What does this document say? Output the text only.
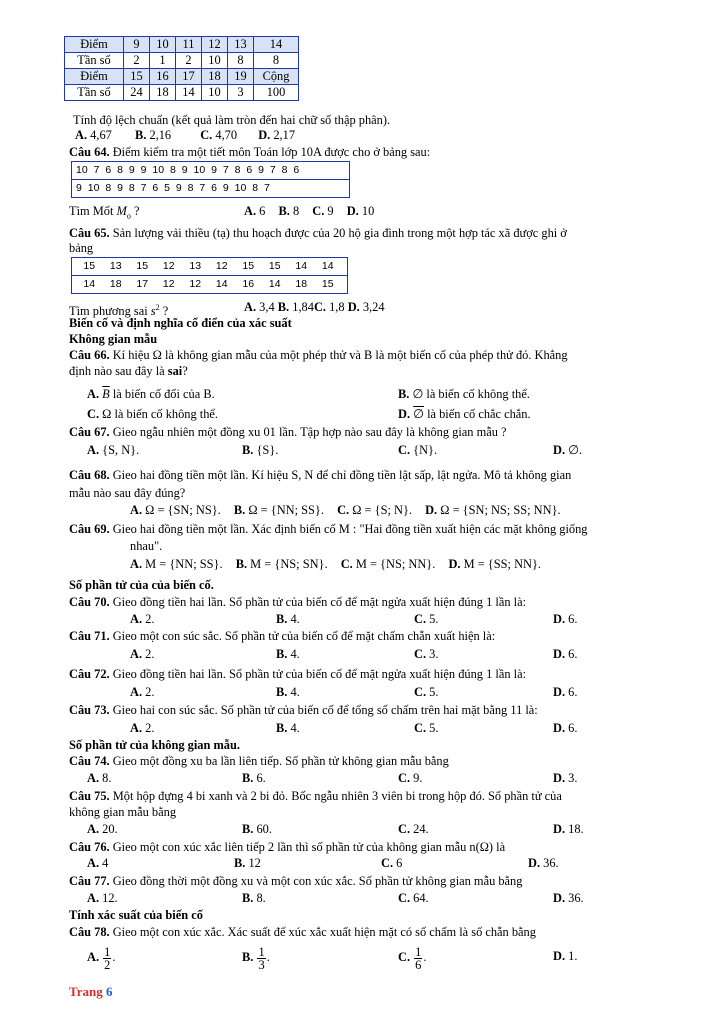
Điểm	9	10	11	12	13	14
Tần số	2	1	2	10	8	8
Điểm	15	16	17	18	19	Cộng
Tần số	24	18	14	10	3	100
Tính độ lệch chuẩn (kết quả làm tròn đến hai chữ số thập phân).
A. 4,67 B. 2,16 C. 4,70 D. 2,17
Câu 64. Điểm kiểm tra một tiết môn Toán lớp 10A được cho ở bảng sau:
10 7 6 8 9 9 10 8 9 10 9 7 8 6 9 7 8 6
9 10 8 9 8 7 6 5 9 8 7 6 9 10 8 7
Tìm Mốt $M_o$ ?	A. 6 B. 8 C. 9 D. 10
Câu 65. Sản lượng vải thiều (tạ) thu hoạch được của 20 hộ gia đình trong một hợp tác xã được ghi ở
bảng
15	13	15	12	13	12	15	15	14	14
14	18	17	12	12	14	16	14	18	15
Tìm phương sai $s^2$ ?	A. 3,4 B. 1,84C. 1,8 D. 3,24
Biến cố và định nghĩa cổ điển của xác suất
Không gian mẫu
Câu 66. Kí hiệu Ω là không gian mẫu của một phép thử và B là một biến cố của phép thử đó. Khẳng
định nào sau đây là sai?
A. $\overline{B}$ là biến cố đối của B.	B. ∅ là biến cố không thể.
C. Ω là biến cố không thể.	D. ∅ là biến cố chắc chắn.
Câu 67. Gieo ngẫu nhiên một đồng xu 01 lần. Tập hợp nào sau đây là không gian mẫu ?
A. {S, N}.	B. {S}.	C. {N}.	D. ∅.
Câu 68. Gieo hai đồng tiền một lần. Kí hiệu S, N để chỉ đồng tiền lật sấp, lật ngửa. Mô tả không gian
mẫu nào sau đây đúng?
A. Ω = {SN; NS}. B. Ω = {NN; SS}. C. Ω = {S; N}. D. Ω = {SN; NS; SS; NN}.
Câu 69. Gieo hai đồng tiền một lần. Xác định biến cố M : "Hai đồng tiền xuất hiện các mặt không giống
nhau".
A. M = {NN; SS}. B. M = {NS; SN}. C. M = {NS; NN}. D. M = {SS; NN}.
Số phần tử của của biến cố.
Câu 70. Gieo đồng tiền hai lần. Số phần tử của biến cố để mặt ngửa xuất hiện đúng 1 lần là:
A. 2.	B. 4.	C. 5.	D. 6.
Câu 71. Gieo một con súc sắc. Số phần tử của biến cố để mặt chấm chẵn xuất hiện là:
A. 2.	B. 4.	C. 3.	D. 6.
Câu 72. Gieo đồng tiền hai lần. Số phần tử của biến cố để mặt ngửa xuất hiện đúng 1 lần là:
A. 2.	B. 4.	C. 5.	D. 6.
Câu 73. Gieo hai con súc sắc. Số phần tử của biến cố để tổng số chấm trên hai mặt bằng 11 là:
A. 2.	B. 4.	C. 5.	D. 6.
Số phần tử của không gian mẫu.
Câu 74. Gieo một đồng xu ba lần liên tiếp. Số phần tử không gian mẫu bằng
A. 8.	B. 6.	C. 9.	D. 3.
Câu 75. Một hộp đựng 4 bi xanh và 2 bi đỏ. Bốc ngẫu nhiên 3 viên bi trong hộp đó. Số phần tử của
không gian mẫu bằng
A. 20.	B. 60.	C. 24.	D. 18.
Câu 76. Gieo một con xúc xắc liên tiếp 2 lần thì số phần tử của không gian mẫu n(Ω) là
A. 4	B. 12	C. 6	D. 36.
Câu 77. Gieo đồng thời một đồng xu và một con xúc xắc. Số phần tử không gian mẫu bằng
A. 12.	B. 8.	C. 64.	D. 36.
Tính xác suất của biến cố
Câu 78. Gieo một con xúc xắc. Xác suất để xúc xắc xuất hiện mặt có số chấm là số chẵn bằng
A. $\frac{1}{2}$ .	B. $\frac{1}{3}$ .	C. $\frac{1}{6}$ .	D. 1.
Trang 6
